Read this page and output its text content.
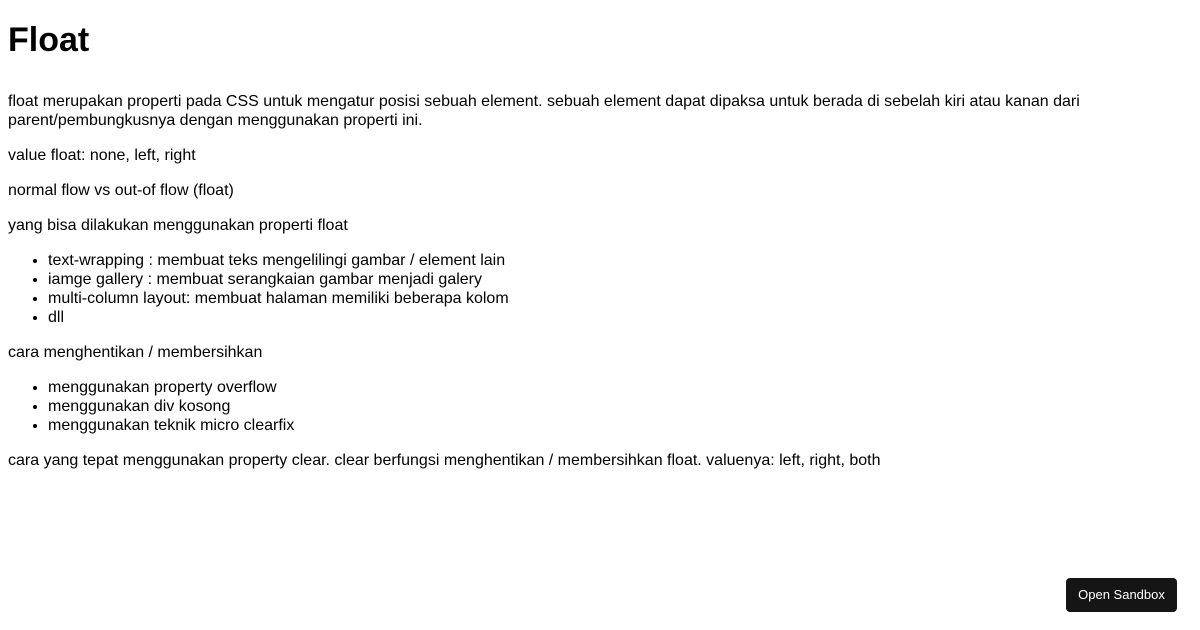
Float

float merupakan properti pada CSS untuk mengatur posisi sebuah element. sebuah element dapat dipaksa untuk berada di sebelah kiri atau kanan dari parent/pembungkusnya dengan menggunakan properti ini.

value float: none, left, right

normal flow vs out-of flow (float)

yang bisa dilakukan menggunakan properti float

• text-wrapping : membuat teks mengelilingi gambar / element lain
• iamge gallery : membuat serangkaian gambar menjadi galery
• multi-column layout: membuat halaman memiliki beberapa kolom
• dll

cara menghentikan / membersihkan

• menggunakan property overflow
• menggunakan div kosong
• menggunakan teknik micro clearfix

cara yang tepat menggunakan property clear. clear berfungsi menghentikan / membersihkan float. valuenya: left, right, both

Open Sandbox
